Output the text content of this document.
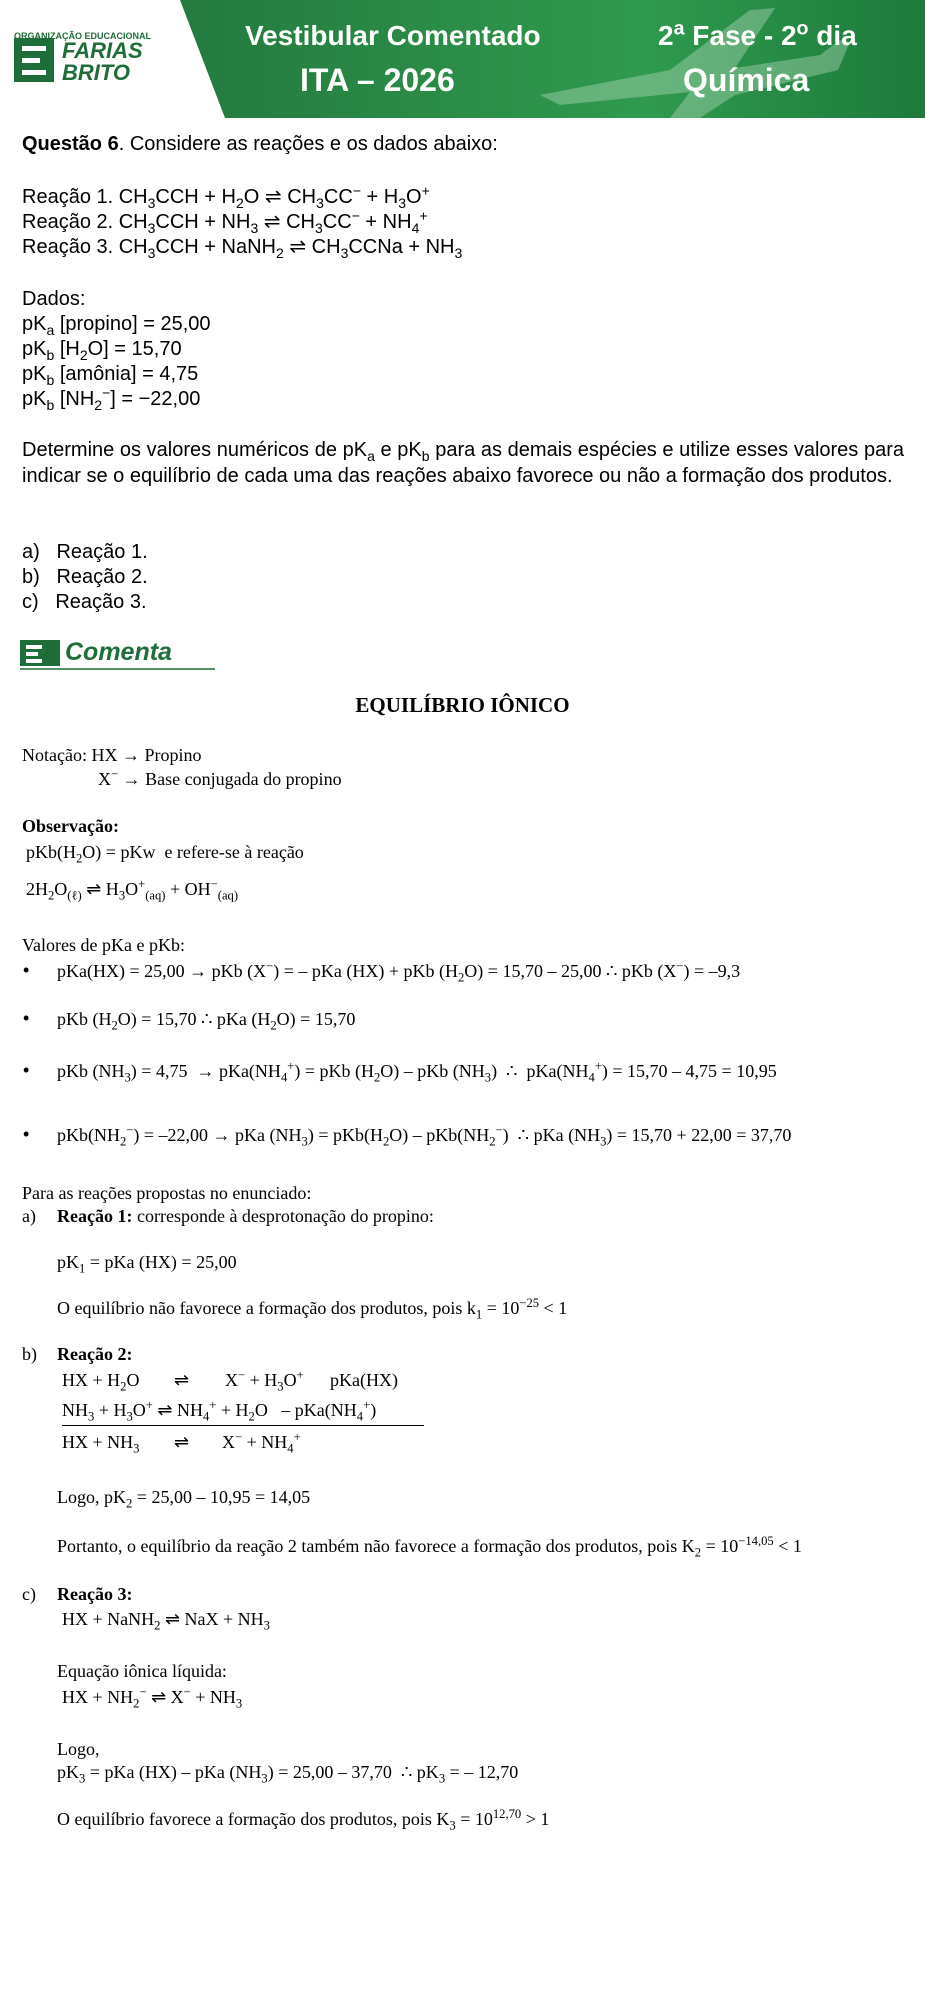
ORGANIZAÇÃO EDUCACIONAL
FARIAS
BRITO
Vestibular Comentado
ITA – 2026
2$^a$ Fase - 2$^o$ dia
Química
Questão 6. Considere as reações e os dados abaixo:
Reação 1. $CH_3CCH + H_2O$ ⇌ $CH_3CC^- + H_3O^+$
Reação 2. $CH_3CCH + NH_3$ ⇌ $CH_3CC^- + NH_4^+$
Reação 3. $CH_3CCH$ + NaNH$_2$ ⇌ $CH_3CCNa + NH_3$
Dados:
$pK_a$ [propino] = 25,00
$pK_b$ $[H_2O] = 15,70$
$pK_b$ [amônia] = 4,75
$pK_b$ $[NH_2^-] = -22,00$
Determine os valores numéricos de $pK_a$ e $pK_b$ para as demais espécies e utilize esses valores para indicar se o equilíbrio de cada uma das reações abaixo favorece ou não a formação dos produtos.
a) Reação 1.
b) Reação 2.
c) Reação 3.
Comenta
EQUILÍBRIO IÔNICO
Notação: HX → Propino
X− → Base conjugada do propino
Observação:
$pKb(H_2O)$ = pKw  e refere-se à reação
$2H_2O_{(\ell)}$ ⇌ $H_3O^+_{(aq)} + OH^-_{(aq)}$
Valores de pKa e pKb:
• pKa(HX) = 25,00 → pKb (X−) = – pKa (HX) + pKb $(H_2O) = 15,70 - 25,00$ ∴ pKb (X−) = –9,3
• pKb $(H_2O) = 15,70$ ∴ pKa $(H_2O) = 15,70$
• pKb $(NH_3) = 4,75 \to pKa(NH_4^+)$ = pKb $(H_2O)$ – pKb $(NH_3)$  ∴  $pKa(NH_4^+) = 15,70 - 4,75 = 10,95$
• $pKb(NH_2^-) = -22,00$ → pKa $(NH_3) = pKb(H_2O) - pKb(NH_2^-)$  ∴ pKa $(NH_3) = 15,70 + 22,00 = 37,70$
Para as reações propostas no enunciado:
a) Reação 1: corresponde à desprotonação do propino:
$pK_1$ = pKa (HX) = 25,00
O equilíbrio não favorece a formação dos produtos, pois $k_1 = 10^{-25} < 1$
b) Reação 2:
HX + $H_2O$ ⇌ $X^- + H_3O^+$ pKa(HX)
$NH_3 + H_3O^+$ ⇌ $NH_4^+ + H_2O - pKa(NH_4^+)$
HX + $NH_3$ ⇌ $X^- + NH_4^+$
Logo, $pK_2 = 25,00 - 10,95 = 14,05$
Portanto, o equilíbrio da reação 2 também não favorece a formação dos produtos, pois $K_2 = 10^{-14,05} < 1$
c) Reação 3:
HX + NaNH$_2$ ⇌ NaX + $NH_3$
Equação iônica líquida:
HX + $NH_2^-$ ⇌ $X^- + NH_3$
Logo,
$pK_3$ = pKa (HX) – pKa $(NH_3) = 25,00 - 37,70$  ∴ $pK_3$ = – 12,70
O equilíbrio favorece a formação dos produtos, pois $K_3 = 10^{12,70} > 1$
